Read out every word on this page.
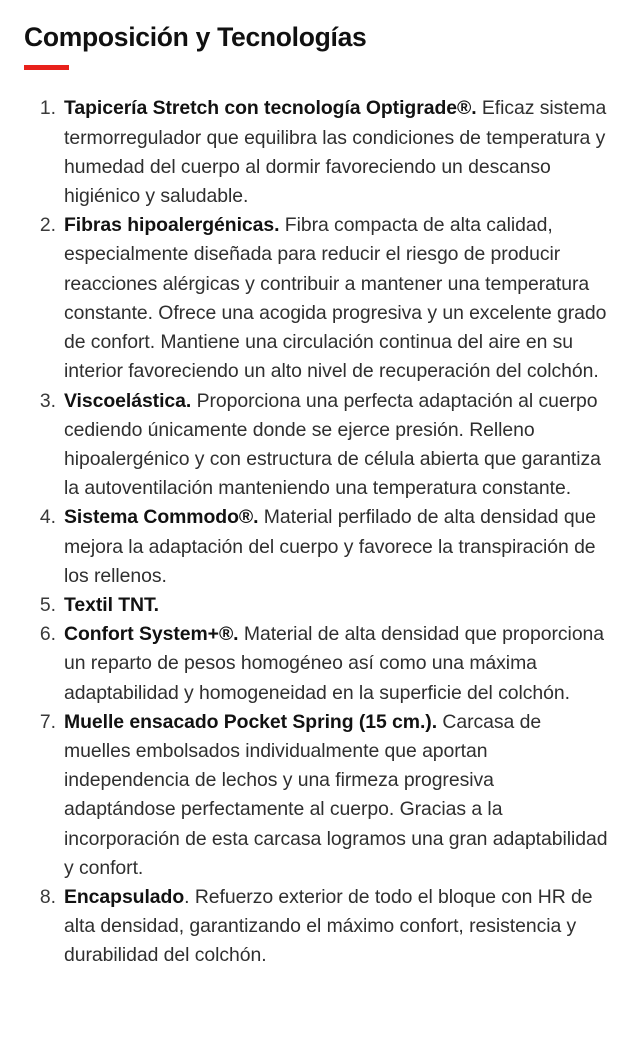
Composición y Tecnologías
1. Tapicería Stretch con tecnología Optigrade®. Eficaz sistema termorregulador que equilibra las condiciones de temperatura y humedad del cuerpo al dormir favoreciendo un descanso higiénico y saludable.
2. Fibras hipoalergénicas. Fibra compacta de alta calidad, especialmente diseñada para reducir el riesgo de producir reacciones alérgicas y contribuir a mantener una temperatura constante. Ofrece una acogida progresiva y un excelente grado de confort. Mantiene una circulación continua del aire en su interior favoreciendo un alto nivel de recuperación del colchón.
3. Viscoelástica. Proporciona una perfecta adaptación al cuerpo cediendo únicamente donde se ejerce presión. Relleno hipoalergénico y con estructura de célula abierta que garantiza la autoventilación manteniendo una temperatura constante.
4. Sistema Commodo®. Material perfilado de alta densidad que mejora la adaptación del cuerpo y favorece la transpiración de los rellenos.
5. Textil TNT.
6. Confort System+®. Material de alta densidad que proporciona un reparto de pesos homogéneo así como una máxima adaptabilidad y homogeneidad en la superficie del colchón.
7. Muelle ensacado Pocket Spring (15 cm.). Carcasa de muelles embolsados individualmente que aportan independencia de lechos y una firmeza progresiva adaptándose perfectamente al cuerpo. Gracias a la incorporación de esta carcasa logramos una gran adaptabilidad y confort.
8. Encapsulado. Refuerzo exterior de todo el bloque con HR de alta densidad, garantizando el máximo confort, resistencia y durabilidad del colchón.
